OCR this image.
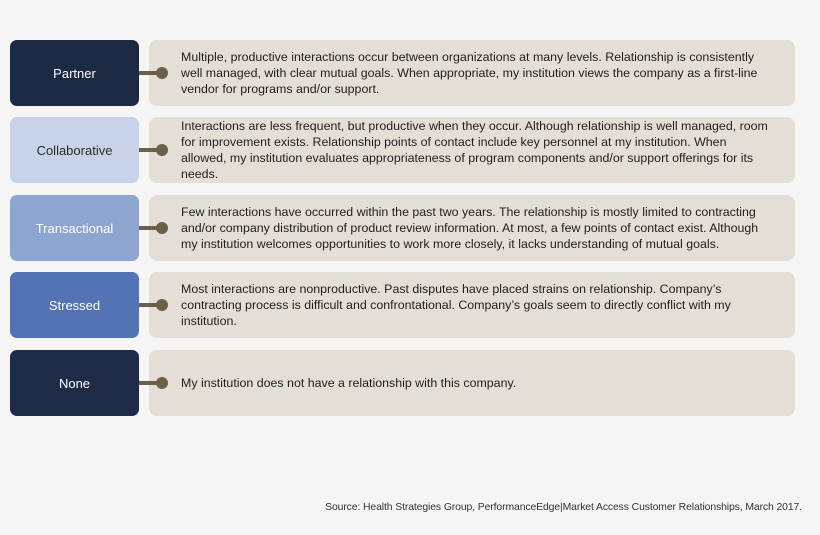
Partner
Multiple, productive interactions occur between organizations at many levels. Relationship is consistently well managed, with clear mutual goals. When appropriate, my institution views the company as a first-line vendor for programs and/or support.
Collaborative
Interactions are less frequent, but productive when they occur. Although relationship is well managed, room for improvement exists. Relationship points of contact include key personnel at my institution. When allowed, my institution evaluates appropriateness of program components and/or support offerings for its needs.
Transactional
Few interactions have occurred within the past two years. The relationship is mostly limited to contracting and/or company distribution of product review information. At most, a few points of contact exist. Although my institution welcomes opportunities to work more closely, it lacks understanding of mutual goals.
Stressed
Most interactions are nonproductive. Past disputes have placed strains on relationship. Company’s contracting process is difficult and confrontational. Company’s goals seem to directly conflict with my institution.
None	My institution does not have a relationship with this company.
Source: Health Strategies Group, PerformanceEdge|Market Access Customer Relationships, March 2017.
